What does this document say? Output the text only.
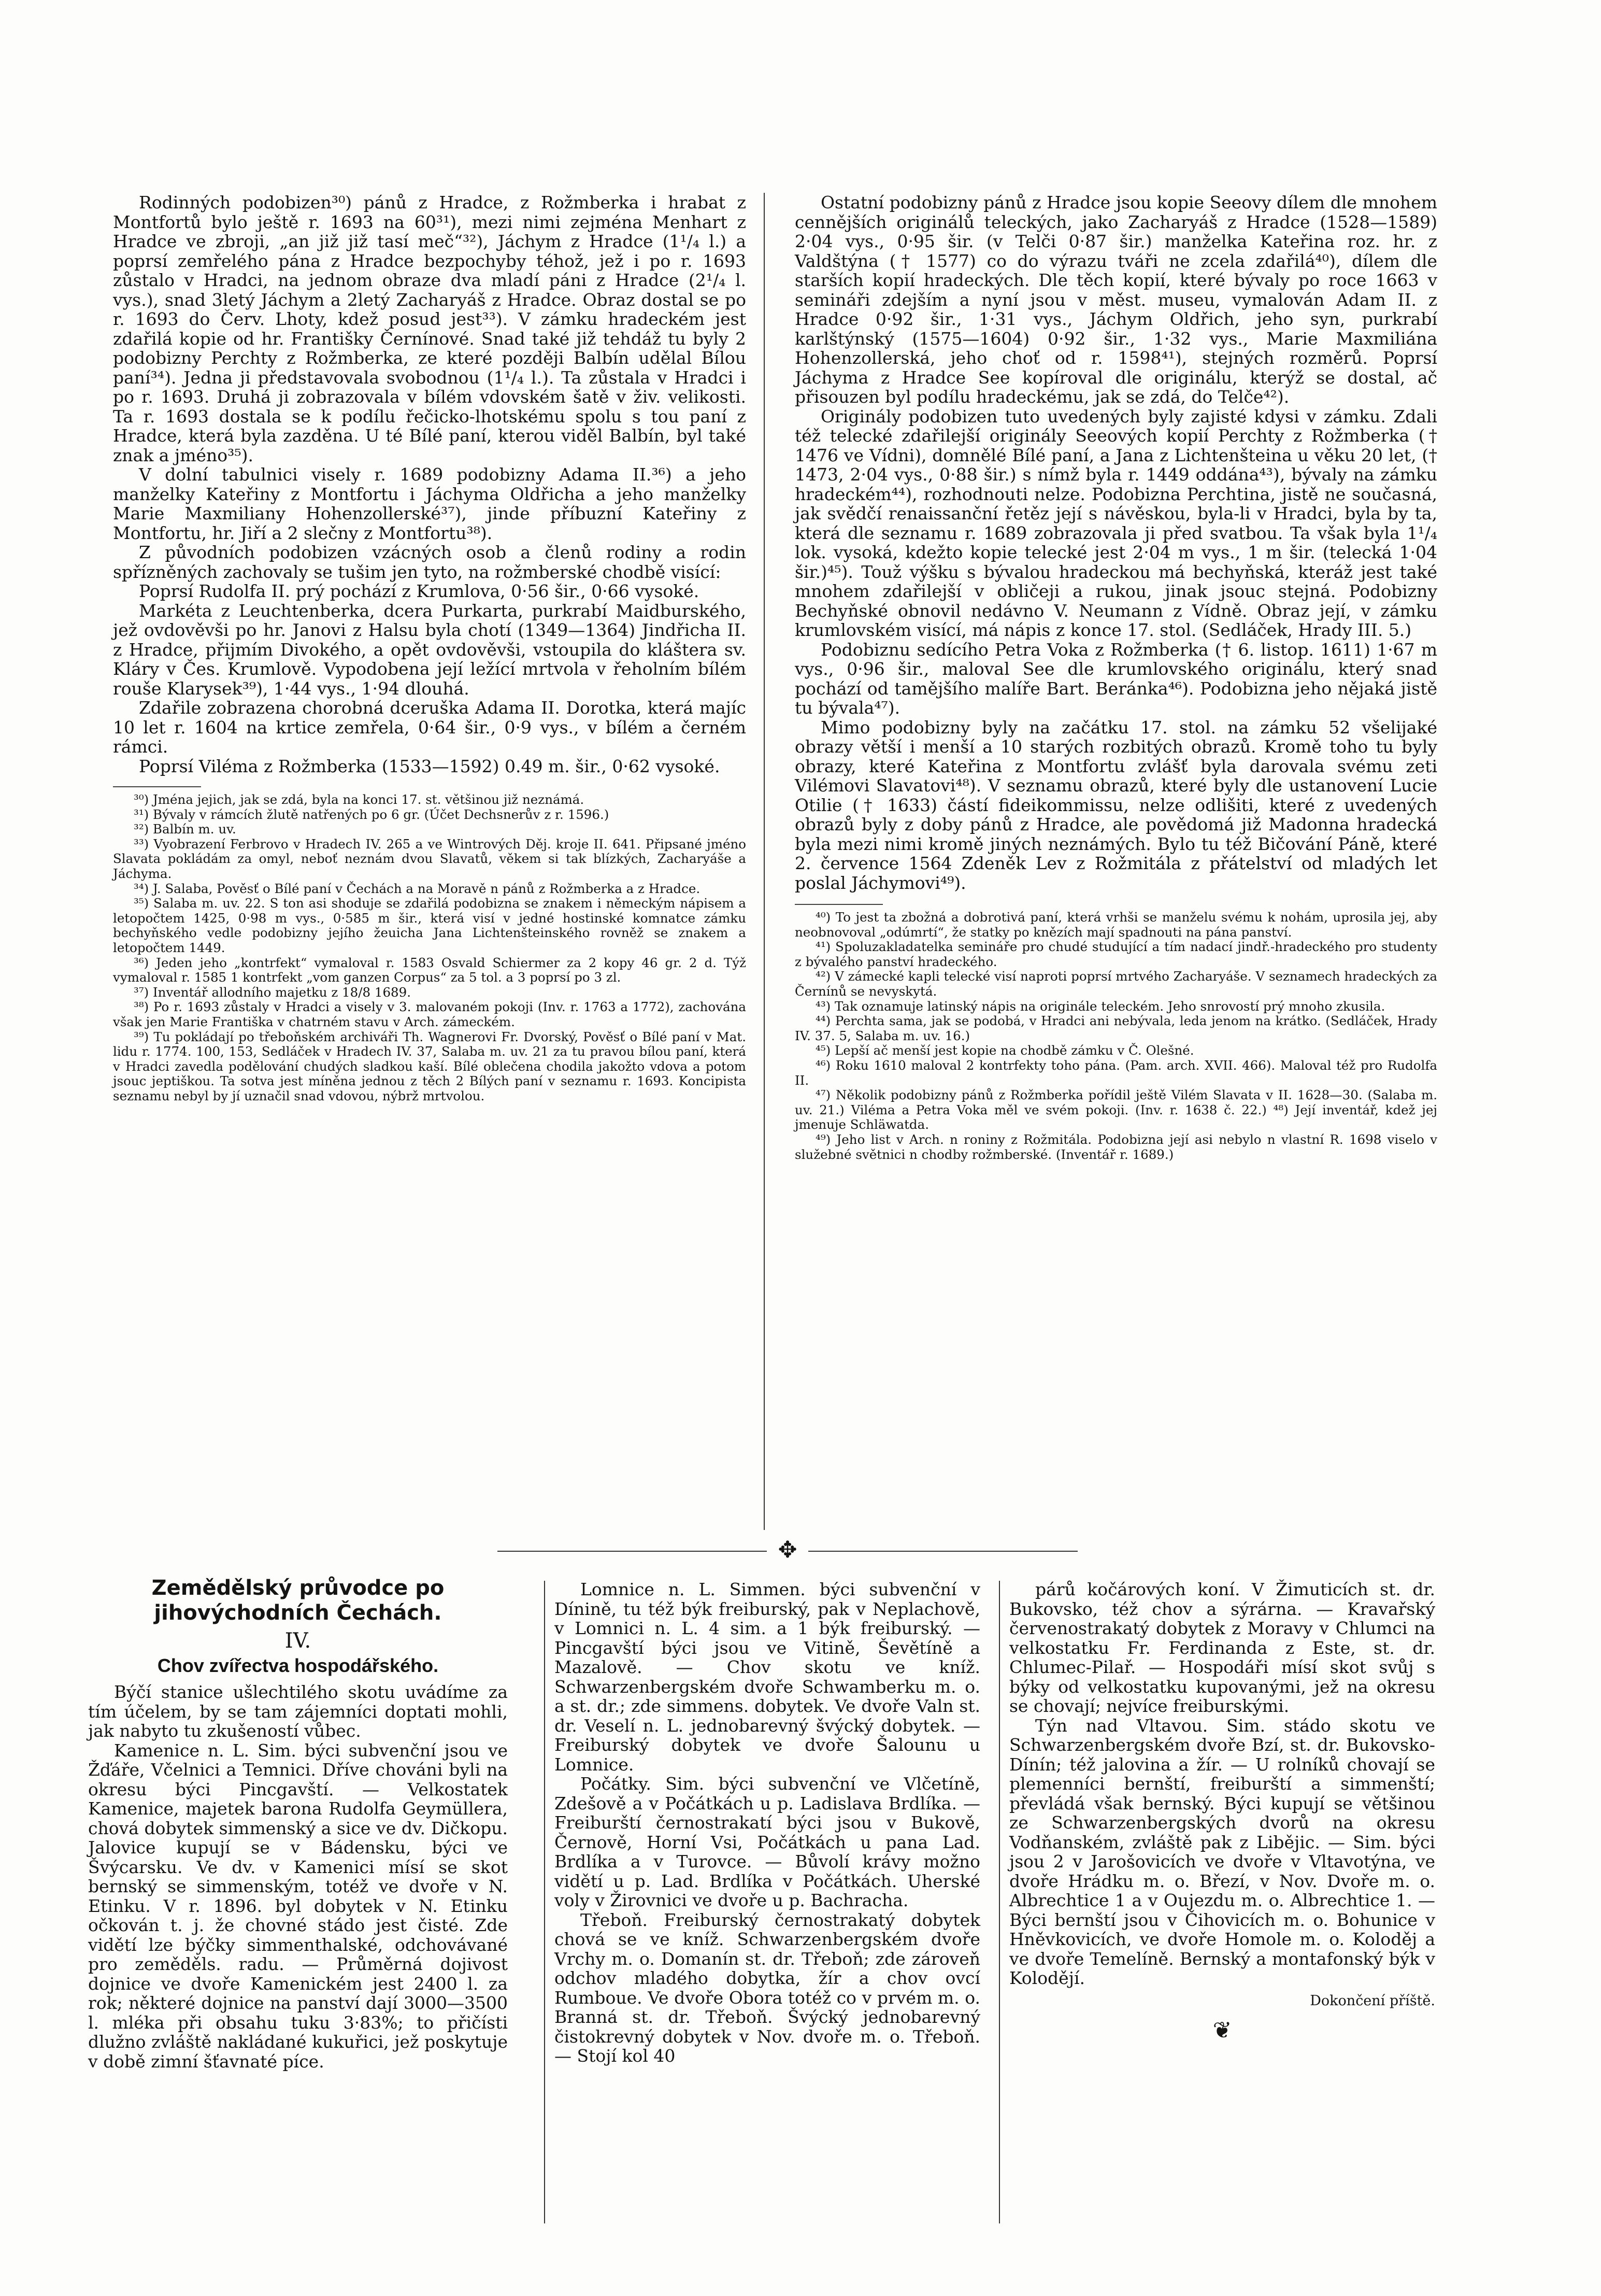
Rodinných podobizen³⁰) pánů z Hradce, z Rožmberka i hrabat z Montfortů bylo ještě r. 1693 na 60³¹), mezi nimi zejména Menhart z Hradce ve zbroji, „an již již tasí meč“³²), Jáchym z Hradce (1¹/₄ l.) a poprsí zemřelého pána z Hradce bezpochyby téhož, jež i po r. 1693 zůstalo v Hradci, na jednom obraze dva mladí páni z Hradce (2¹/₄ l. vys.), snad 3letý Jáchym a 2letý Zacharyáš z Hradce. Obraz dostal se po r. 1693 do Červ. Lhoty, kdež posud jest³³). V zámku hradeckém jest zdařilá kopie od hr. Františky Černínové. Snad také již tehdáž tu byly 2 podobizny Perchty z Rožmberka, ze které později Balbín udělal Bílou paní³⁴). Jedna ji představovala svobodnou (1¹/₄ l.). Ta zůstala v Hradci i po r. 1693. Druhá ji zobrazovala v bílém vdovském šatě v živ. velikosti. Ta r. 1693 dostala se k podílu řečicko-lhotskému spolu s tou paní z Hradce, která byla zazděna. U té Bílé paní, kterou viděl Balbín, byl také znak a jméno³⁵).

V dolní tabulnici visely r. 1689 podobizny Adama II.³⁶) a jeho manželky Kateřiny z Montfortu i Jáchyma Oldřicha a jeho manželky Marie Maxmiliany Hohenzollerské³⁷), jinde příbuzní Kateřiny z Montfortu, hr. Jiří a 2 slečny z Montfortu³⁸).

Z původních podobizen vzácných osob a členů rodiny a rodin spřízněných zachovaly se tušim jen tyto, na rožmberské chodbě visící:

Poprsí Rudolfa II. prý pochází z Krumlova, 0·56 šir., 0·66 vysoké.

Markéta z Leuchtenberka, dcera Purkarta, purkrabí Maidburského, jež ovdověvši po hr. Janovi z Halsu byla chotí (1349—1364) Jindřicha II. z Hradce, přijmím Divokého, a opět ovdověvši, vstoupila do kláštera sv. Kláry v Čes. Krumlově. Vypodobena její ležící mrtvola v řeholním bílém rouše Klarysek³⁹), 1·44 vys., 1·94 dlouhá.

Zdařile zobrazena chorobná dceruška Adama II. Dorotka, která majíc 10 let r. 1604 na krtice zemřela, 0·64 šir., 0·9 vys., v bílém a černém rámci.

Poprsí Viléma z Rožmberka (1533—1592) 0.49 m. šir., 0·62 vysoké.

³⁰) Jména jejich, jak se zdá, byla na konci 17. st. většinou již neznámá.

³¹) Bývaly v rámcích žlutě natřených po 6 gr. (Účet Dechsnerův z r. 1596.)

³²) Balbín m. uv.

³³) Vyobrazení Ferbrovo v Hradech IV. 265 a ve Wintrových Děj. kroje II. 641. Připsané jméno Slavata pokládám za omyl, neboť neznám dvou Slavatů, věkem si tak blízkých, Zacharyáše a Jáchyma.

³⁴) J. Salaba, Pověsť o Bílé paní v Čechách a na Moravě n pánů z Rožmberka a z Hradce.

³⁵) Salaba m. uv. 22. S ton asi shoduje se zdařilá podobizna se znakem i německým nápisem a letopočtem 1425, 0·98 m vys., 0·585 m šir., která visí v jedné hostinské komnatce zámku bechyňského vedle podobizny jejího žeuicha Jana Lichtenšteinského rovněž se znakem a letopočtem 1449.

³⁶) Jeden jeho „kontrfekt“ vymaloval r. 1583 Osvald Schiermer za 2 kopy 46 gr. 2 d. Týž vymaloval r. 1585 1 kontrfekt „vom ganzen Corpus“ za 5 tol. a 3 poprsí po 3 zl.

³⁷) Inventář allodního majetku z 18/8 1689.

³⁸) Po r. 1693 zůstaly v Hradci a visely v 3. malovaném pokoji (Inv. r. 1763 a 1772), zachována však jen Marie Františka v chatrném stavu v Arch. zámeckém.

³⁹) Tu pokládají po třeboňském archiváři Th. Wagnerovi Fr. Dvorský, Pověsť o Bílé paní v Mat. lidu r. 1774. 100, 153, Sedláček v Hradech IV. 37, Salaba m. uv. 21 za tu pravou bílou paní, která v Hradci zavedla podělování chudých sladkou kaší. Bílé oblečena chodila jakožto vdova a potom jsouc jeptiškou. Ta sotva jest míněna jednou z těch 2 Bílých paní v seznamu r. 1693. Koncipista seznamu nebyl by jí uznačil snad vdovou, nýbrž mrtvolou.

Ostatní podobizny pánů z Hradce jsou kopie Seeovy dílem dle mnohem cennějších originálů teleckých, jako Zacharyáš z Hradce (1528—1589) 2·04 vys., 0·95 šir. (v Telči 0·87 šir.) manželka Kateřina roz. hr. z Valdštýna († 1577) co do výrazu tváři ne zcela zdařilá⁴⁰), dílem dle starších kopií hradeckých. Dle těch kopií, které bývaly po roce 1663 v semináři zdejším a nyní jsou v měst. museu, vymalován Adam II. z Hradce 0·92 šir., 1·31 vys., Jáchym Oldřich, jeho syn, purkrabí karlštýnský (1575—1604) 0·92 šir., 1·32 vys., Marie Maxmiliána Hohenzollerská, jeho choť od r. 1598⁴¹), stejných rozměrů. Poprsí Jáchyma z Hradce See kopíroval dle originálu, kterýž se dostal, ač přisouzen byl podílu hradeckému, jak se zdá, do Telče⁴²).

Originály podobizen tuto uvedených byly zajisté kdysi v zámku. Zdali též telecké zdařilejší originály Seeových kopií Perchty z Rožmberka († 1476 ve Vídni), domnělé Bílé paní, a Jana z Lichtenšteina u věku 20 let, († 1473, 2·04 vys., 0·88 šir.) s nímž byla r. 1449 oddána⁴³), bývaly na zámku hradeckém⁴⁴), rozhodnouti nelze. Podobizna Perchtina, jistě ne současná, jak svědčí renaissanční řetěz její s návěskou, byla-li v Hradci, byla by ta, která dle seznamu r. 1689 zobrazovala ji před svatbou. Ta však byla 1¹/₄ lok. vysoká, kdežto kopie telecké jest 2·04 m vys., 1 m šir. (telecká 1·04 šir.)⁴⁵). Touž výšku s bývalou hradeckou má bechyňská, kteráž jest také mnohem zdařilejší v obličeji a rukou, jinak jsouc stejná. Podobizny Bechyňské obnovil nedávno V. Neumann z Vídně. Obraz její, v zámku krumlovském visící, má nápis z konce 17. stol. (Sedláček, Hrady III. 5.)

Podobiznu sedícího Petra Voka z Rožmberka († 6. listop. 1611) 1·67 m vys., 0·96 šir., maloval See dle krumlovského originálu, který snad pochází od tamějšího malíře Bart. Beránka⁴⁶). Podobizna jeho nějaká jistě tu bývala⁴⁷).

Mimo podobizny byly na začátku 17. stol. na zámku 52 všelijaké obrazy větší i menší a 10 starých rozbitých obrazů. Kromě toho tu byly obrazy, které Kateřina z Montfortu zvlášť byla darovala svému zeti Vilémovi Slavatovi⁴⁸). V seznamu obrazů, které byly dle ustanovení Lucie Otilie († 1633) částí fideikommissu, nelze odlišiti, které z uvedených obrazů byly z doby pánů z Hradce, ale povědomá již Madonna hradecká byla mezi nimi kromě jiných neznámých. Bylo tu též Bičování Páně, které 2. července 1564 Zdeněk Lev z Rožmitála z přátelství od mladých let poslal Jáchymovi⁴⁹).

⁴⁰) To jest ta zbožná a dobrotivá paní, která vrhši se manželu svému k nohám, uprosila jej, aby neobnovoval „odúmrtí“, že statky po knězích mají spadnouti na pána panství.

⁴¹) Spoluzakladatelka semináře pro chudé studující a tím nadací jindř.-hradeckého pro studenty z bývalého panství hradeckého.

⁴²) V zámecké kapli telecké visí naproti poprsí mrtvého Zacharyáše. V seznamech hradeckých za Černínů se nevyskytá.

⁴³) Tak oznamuje latinský nápis na originále teleckém. Jeho snrovostí prý mnoho zkusila.

⁴⁴) Perchta sama, jak se podobá, v Hradci ani nebývala, leda jenom na krátko. (Sedláček, Hrady IV. 37. 5, Salaba m. uv. 16.)

⁴⁵) Lepší ač menší jest kopie na chodbě zámku v Č. Olešné.

⁴⁶) Roku 1610 maloval 2 kontrfekty toho pána. (Pam. arch. XVII. 466). Maloval též pro Rudolfa II.

⁴⁷) Několik podobizny pánů z Rožmberka pořídil ještě Vilém Slavata v II. 1628—30. (Salaba m. uv. 21.) Viléma a Petra Voka měl ve svém pokoji. (Inv. r. 1638 č. 22.) ⁴⁸) Její inventář, kdež jej jmenuje Schläwatda.

⁴⁹) Jeho list v Arch. n roniny z Rožmitála. Podobizna její asi nebylo n vlastní R. 1698 viselo v služebné světnici n chodby rožmberské. (Inventář r. 1689.)

✥
Zemědělský průvodce po jihovýchodních Čechách.
IV.
Chov zvířectva hospodářského.

Býčí stanice ušlechtilého skotu uvádíme za tím účelem, by se tam zájemníci doptati mohli, jak nabyto tu zkušeností vůbec.

Kamenice n. L. Sim. býci subvenční jsou ve Žďáře, Včelnici a Temnici. Dříve chováni byli na okresu býci Pincgavští. — Velkostatek Kamenice, majetek barona Rudolfa Geymüllera, chová dobytek simmenský a sice ve dv. Dičkopu. Jalovice kupují se v Bádensku, býci ve Švýcarsku. Ve dv. v Kamenici mísí se skot bernský se simmenským, totéž ve dvoře v N. Etinku. V r. 1896. byl dobytek v N. Etinku očkován t. j. že chovné stádo jest čisté. Zde vidětí lze býčky simmenthalské, odchovávané pro zeměděls. radu. — Průměrná dojivost dojnice ve dvoře Kamenickém jest 2400 l. za rok; některé dojnice na panství dají 3000—3500 l. mléka při obsahu tuku 3·83%; to přičísti dlužno zvláště nakládané kukuřici, jež poskytuje v době zimní šťavnaté píce.

Lomnice n. L. Simmen. býci subvenční v Dínině, tu též býk freiburský, pak v Neplachově, v Lomnici n. L. 4 sim. a 1 býk freiburský. — Pincgavští býci jsou ve Vitině, Ševětíně a Mazalově. — Chov skotu ve kníž. Schwarzenbergském dvoře Schwamberku m. o. a st. dr.; zde simmens. dobytek. Ve dvoře Valn st. dr. Veselí n. L. jednobarevný švýcký dobytek. — Freiburský dobytek ve dvoře Šalounu u Lomnice.

Počátky. Sim. býci subvenční ve Vlčetíně, Zdešově a v Počátkách u p. Ladislava Brdlíka. — Freiburští černostrakatí býci jsou v Bukově, Černově, Horní Vsi, Počátkách u pana Lad. Brdlíka a v Turovce. — Bůvolí krávy možno vidětí u p. Lad. Brdlíka v Počátkách. Uherské voly v Žirovnici ve dvoře u p. Bachracha.

Třeboň. Freiburský černostrakatý dobytek chová se ve kníž. Schwarzenbergském dvoře Vrchy m. o. Domanín st. dr. Třeboň; zde zároveň odchov mladého dobytka, žír a chov ovcí Rumboue. Ve dvoře Obora totéž co v prvém m. o. Branná st. dr. Třeboň. Švýcký jednobarevný čistokrevný dobytek v Nov. dvoře m. o. Třeboň. — Stojí kol 40

párů kočárových koní. V Žimuticích st. dr. Bukovsko, též chov a sýrárna. — Kravařský červenostrakatý dobytek z Moravy v Chlumci na velkostatku Fr. Ferdinanda z Este, st. dr. Chlumec-Pilař. — Hospodáři mísí skot svůj s býky od velkostatku kupovanými, jež na okresu se chovají; nejvíce freiburskými.

Týn nad Vltavou. Sim. stádo skotu ve Schwarzenbergském dvoře Bzí, st. dr. Bukovsko-Dínín; též jalovina a žír. — U rolníků chovají se plemenníci bernští, freiburští a simmenští; převládá však bernský. Býci kupují se většinou ze Schwarzenbergských dvorů na okresu Vodňanském, zvláště pak z Libějic. — Sim. býci jsou 2 v Jarošovicích ve dvoře v Vltavotýna, ve dvoře Hrádku m. o. Březí, v Nov. Dvoře m. o. Albrechtice 1 a v Oujezdu m. o. Albrechtice 1. — Býci bernští jsou v Čihovicích m. o. Bohunice v Hněvkovicích, ve dvoře Homole m. o. Koloděj a ve dvoře Temelíně. Bernský a montafonský býk v Kolodějí.

Dokončení příště.

❦
